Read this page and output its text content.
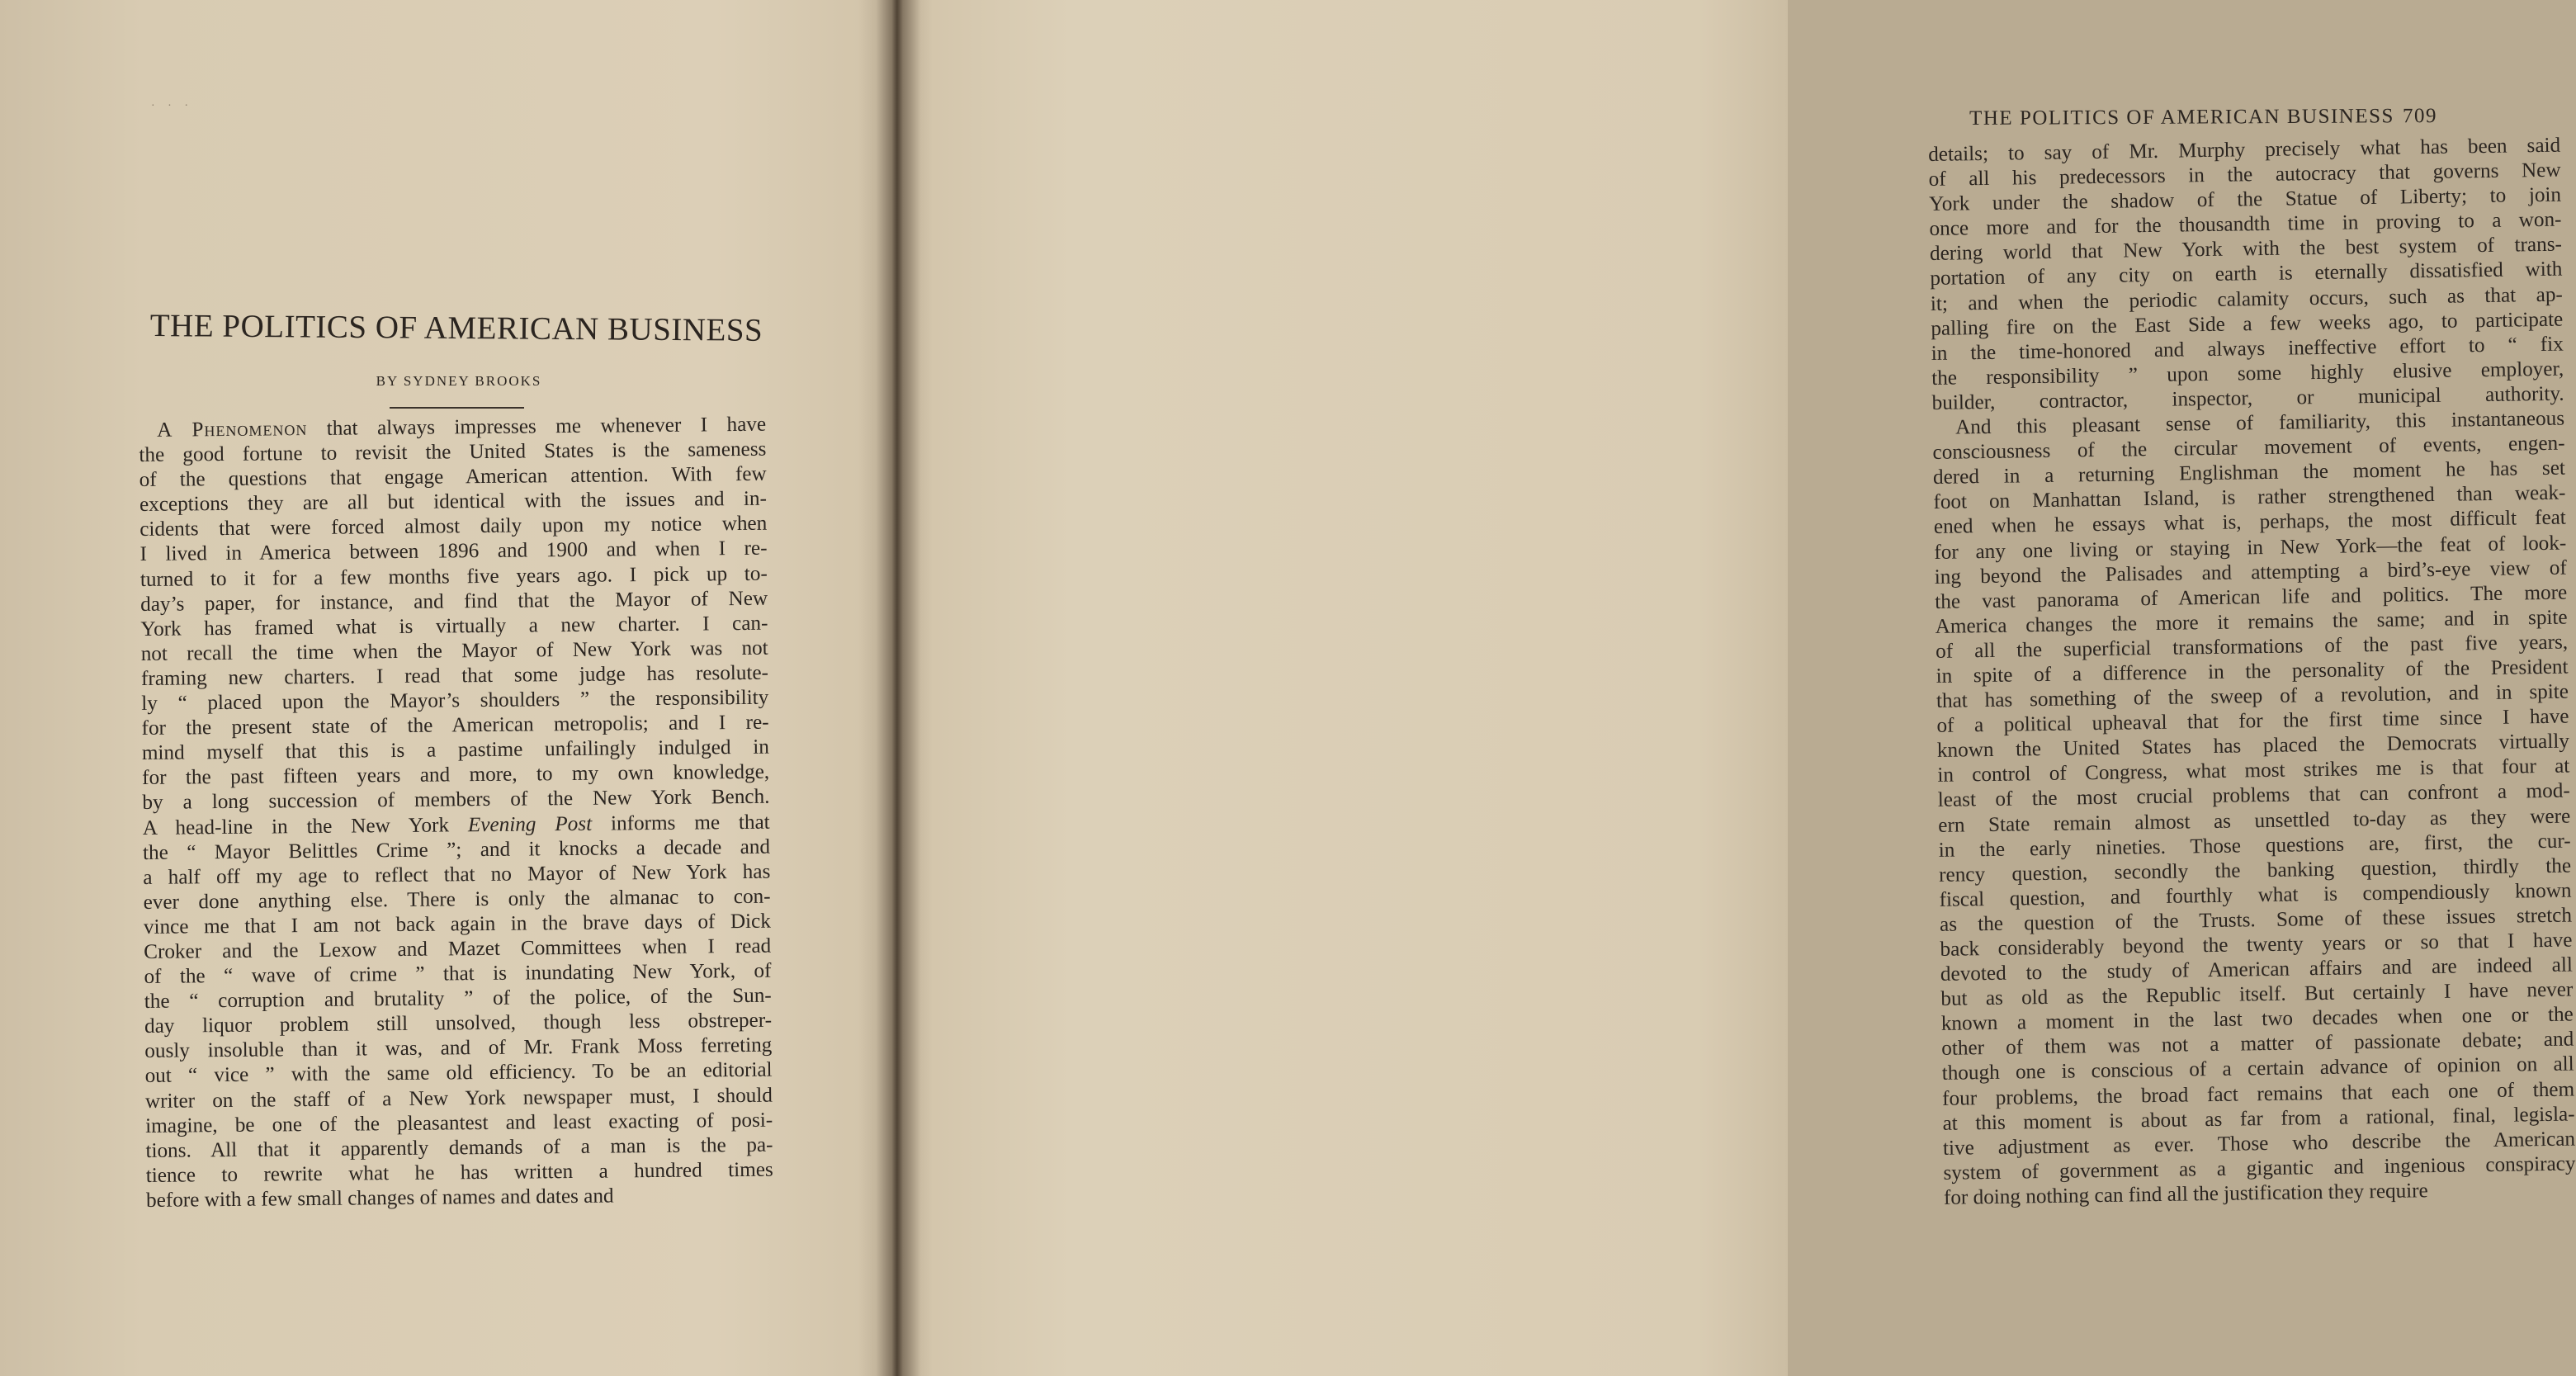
· · ·
THE POLITICS OF AMERICAN BUSINESS
BY SYDNEY BROOKS
A Phenomenon that always impresses me whenever I have
the good fortune to revisit the United States is the sameness
of the questions that engage American attention. With few
exceptions they are all but identical with the issues and in-
cidents that were forced almost daily upon my notice when
I lived in America between 1896 and 1900 and when I re-
turned to it for a few months five years ago. I pick up to-
day’s paper, for instance, and find that the Mayor of New
York has framed what is virtually a new charter. I can-
not recall the time when the Mayor of New York was not
framing new charters. I read that some judge has resolute-
ly “ placed upon the Mayor’s shoulders ” the responsibility
for the present state of the American metropolis; and I re-
mind myself that this is a pastime unfailingly indulged in
for the past fifteen years and more, to my own knowledge,
by a long succession of members of the New York Bench.
A head-line in the New York Evening Post informs me that
the “ Mayor Belittles Crime ”; and it knocks a decade and
a half off my age to reflect that no Mayor of New York has
ever done anything else. There is only the almanac to con-
vince me that I am not back again in the brave days of Dick
Croker and the Lexow and Mazet Committees when I read
of the “ wave of crime ” that is inundating New York, of
the “ corruption and brutality ” of the police, of the Sun-
day liquor problem still unsolved, though less obstreper-
ously insoluble than it was, and of Mr. Frank Moss ferreting
out “ vice ” with the same old efficiency. To be an editorial
writer on the staff of a New York newspaper must, I should
imagine, be one of the pleasantest and least exacting of posi-
tions. All that it apparently demands of a man is the pa-
tience to rewrite what he has written a hundred times
before with a few small changes of names and dates and
THE POLITICS OF AMERICAN BUSINESS 709
details; to say of Mr. Murphy precisely what has been said
of all his predecessors in the autocracy that governs New
York under the shadow of the Statue of Liberty; to join
once more and for the thousandth time in proving to a won-
dering world that New York with the best system of trans-
portation of any city on earth is eternally dissatisfied with
it; and when the periodic calamity occurs, such as that ap-
palling fire on the East Side a few weeks ago, to participate
in the time-honored and always ineffective effort to “ fix
the responsibility ” upon some highly elusive employer,
builder, contractor, inspector, or municipal authority.
And this pleasant sense of familiarity, this instantaneous
consciousness of the circular movement of events, engen-
dered in a returning Englishman the moment he has set
foot on Manhattan Island, is rather strengthened than weak-
ened when he essays what is, perhaps, the most difficult feat
for any one living or staying in New York—the feat of look-
ing beyond the Palisades and attempting a bird’s-eye view of
the vast panorama of American life and politics. The more
America changes the more it remains the same; and in spite
of all the superficial transformations of the past five years,
in spite of a difference in the personality of the President
that has something of the sweep of a revolution, and in spite
of a political upheaval that for the first time since I have
known the United States has placed the Democrats virtually
in control of Congress, what most strikes me is that four at
least of the most crucial problems that can confront a mod-
ern State remain almost as unsettled to-day as they were
in the early nineties. Those questions are, first, the cur-
rency question, secondly the banking question, thirdly the
fiscal question, and fourthly what is compendiously known
as the question of the Trusts. Some of these issues stretch
back considerably beyond the twenty years or so that I have
devoted to the study of American affairs and are indeed all
but as old as the Republic itself. But certainly I have never
known a moment in the last two decades when one or the
other of them was not a matter of passionate debate; and
though one is conscious of a certain advance of opinion on all
four problems, the broad fact remains that each one of them
at this moment is about as far from a rational, final, legisla-
tive adjustment as ever. Those who describe the American
system of government as a gigantic and ingenious conspiracy
for doing nothing can find all the justification they require
